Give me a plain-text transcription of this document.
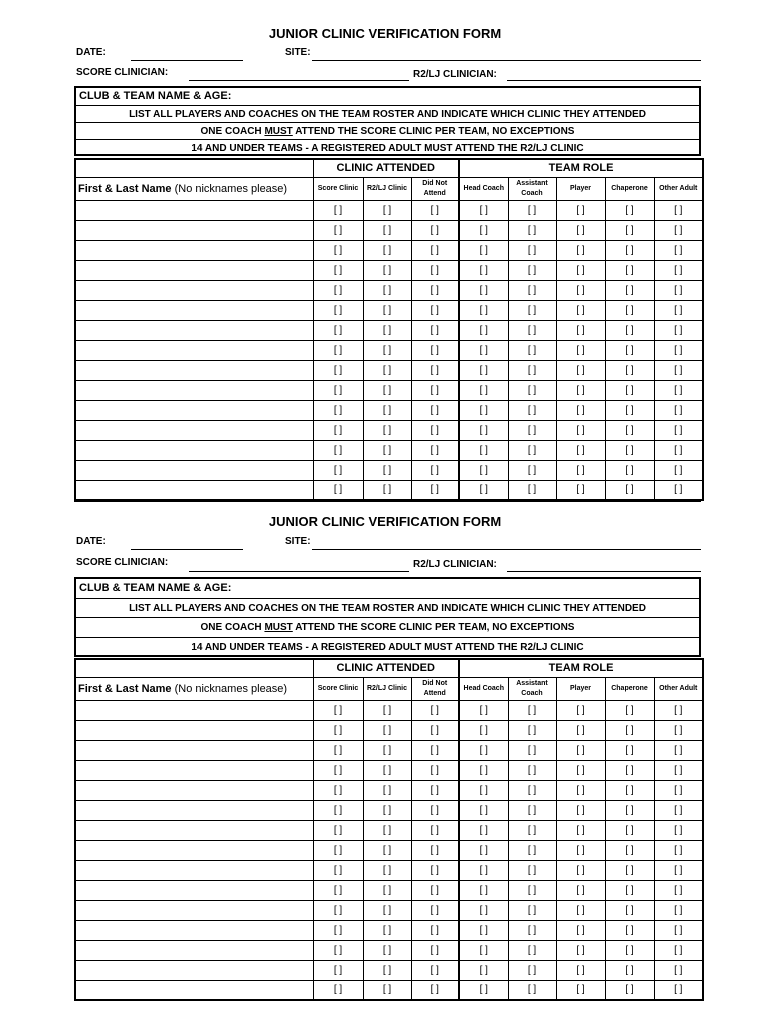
JUNIOR CLINIC VERIFICATION FORM
DATE:	SITE:
SCORE CLINICIAN:	R2/LJ CLINICIAN:
CLUB & TEAM NAME & AGE:
LIST ALL PLAYERS AND COACHES ON THE TEAM ROSTER AND INDICATE WHICH CLINIC THEY ATTENDED
ONE COACH MUST ATTEND THE SCORE CLINIC PER TEAM, NO EXCEPTIONS
14 AND UNDER TEAMS - A REGISTERED ADULT MUST ATTEND THE R2/LJ CLINIC
	CLINIC ATTENDED			TEAM ROLE				
First & Last Name (No nicknames please)	Score Clinic	R2/LJ Clinic	Did Not Attend	Head Coach	Assistant Coach	Player	Chaperone	Other Adult
	[ ]	[ ]	[ ]	[ ]	[ ]	[ ]	[ ]	[ ]
	[ ]	[ ]	[ ]	[ ]	[ ]	[ ]	[ ]	[ ]
	[ ]	[ ]	[ ]	[ ]	[ ]	[ ]	[ ]	[ ]
	[ ]	[ ]	[ ]	[ ]	[ ]	[ ]	[ ]	[ ]
	[ ]	[ ]	[ ]	[ ]	[ ]	[ ]	[ ]	[ ]
	[ ]	[ ]	[ ]	[ ]	[ ]	[ ]	[ ]	[ ]
	[ ]	[ ]	[ ]	[ ]	[ ]	[ ]	[ ]	[ ]
	[ ]	[ ]	[ ]	[ ]	[ ]	[ ]	[ ]	[ ]
	[ ]	[ ]	[ ]	[ ]	[ ]	[ ]	[ ]	[ ]
	[ ]	[ ]	[ ]	[ ]	[ ]	[ ]	[ ]	[ ]
	[ ]	[ ]	[ ]	[ ]	[ ]	[ ]	[ ]	[ ]
	[ ]	[ ]	[ ]	[ ]	[ ]	[ ]	[ ]	[ ]
	[ ]	[ ]	[ ]	[ ]	[ ]	[ ]	[ ]	[ ]
	[ ]	[ ]	[ ]	[ ]	[ ]	[ ]	[ ]	[ ]
	[ ]	[ ]	[ ]	[ ]	[ ]	[ ]	[ ]	[ ]
JUNIOR CLINIC VERIFICATION FORM
DATE:	SITE:
SCORE CLINICIAN:	R2/LJ CLINICIAN:
CLUB & TEAM NAME & AGE:
LIST ALL PLAYERS AND COACHES ON THE TEAM ROSTER AND INDICATE WHICH CLINIC THEY ATTENDED
ONE COACH MUST ATTEND THE SCORE CLINIC PER TEAM, NO EXCEPTIONS
14 AND UNDER TEAMS - A REGISTERED ADULT MUST ATTEND THE R2/LJ CLINIC
	CLINIC ATTENDED			TEAM ROLE				
First & Last Name (No nicknames please)	Score Clinic	R2/LJ Clinic	Did Not Attend	Head Coach	Assistant Coach	Player	Chaperone	Other Adult
	[ ]	[ ]	[ ]	[ ]	[ ]	[ ]	[ ]	[ ]
	[ ]	[ ]	[ ]	[ ]	[ ]	[ ]	[ ]	[ ]
	[ ]	[ ]	[ ]	[ ]	[ ]	[ ]	[ ]	[ ]
	[ ]	[ ]	[ ]	[ ]	[ ]	[ ]	[ ]	[ ]
	[ ]	[ ]	[ ]	[ ]	[ ]	[ ]	[ ]	[ ]
	[ ]	[ ]	[ ]	[ ]	[ ]	[ ]	[ ]	[ ]
	[ ]	[ ]	[ ]	[ ]	[ ]	[ ]	[ ]	[ ]
	[ ]	[ ]	[ ]	[ ]	[ ]	[ ]	[ ]	[ ]
	[ ]	[ ]	[ ]	[ ]	[ ]	[ ]	[ ]	[ ]
	[ ]	[ ]	[ ]	[ ]	[ ]	[ ]	[ ]	[ ]
	[ ]	[ ]	[ ]	[ ]	[ ]	[ ]	[ ]	[ ]
	[ ]	[ ]	[ ]	[ ]	[ ]	[ ]	[ ]	[ ]
	[ ]	[ ]	[ ]	[ ]	[ ]	[ ]	[ ]	[ ]
	[ ]	[ ]	[ ]	[ ]	[ ]	[ ]	[ ]	[ ]
	[ ]	[ ]	[ ]	[ ]	[ ]	[ ]	[ ]	[ ]
